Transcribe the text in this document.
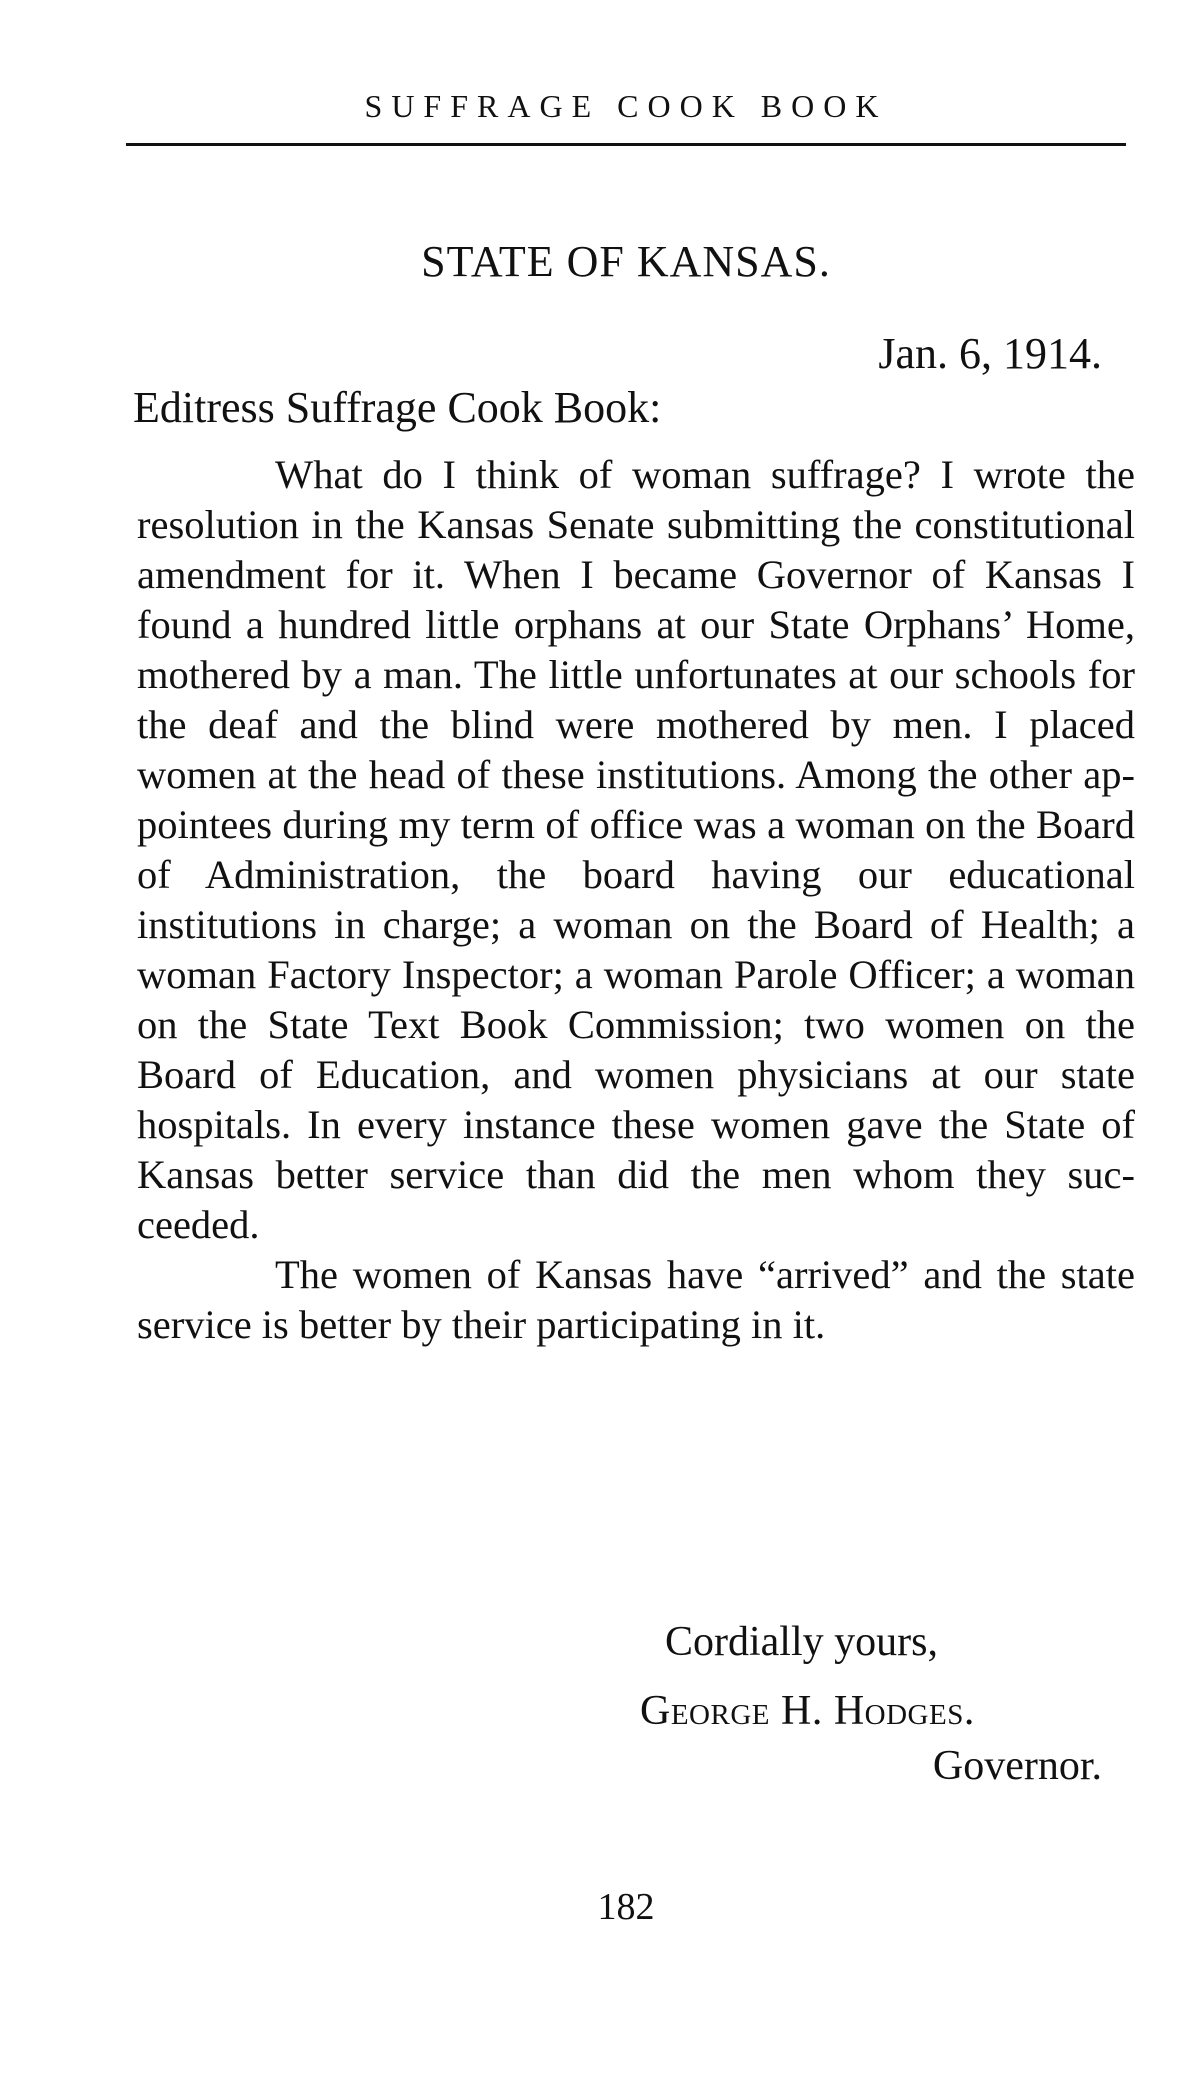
SUFFRAGE COOK BOOK
STATE OF KANSAS.
Jan. 6, 1914.
Editress Suffrage Cook Book:

What do I think of woman suffrage? I wrote the resolution in the Kansas Senate submitting the constitutional amendment for it. When I became Governor of Kansas I found a hundred little orphans at our State Orphans’ Home, mothered by a man. The little unfortunates at our schools for the deaf and the blind were mothered by men. I placed women at the head of these institutions. Among the other appointees during my term of office was a woman on the Board of Administration, the board having our educational institutions in charge; a woman on the Board of Health; a woman Factory Inspector; a woman Parole Officer; a woman on the State Text Book Commission; two women on the Board of Education, and women physicians at our state hospitals. In every instance these women gave the State of Kansas better service than did the men whom they succeeded.

The women of Kansas have “arrived” and the state service is better by their participating in it.

Cordially yours,
George H. Hodges.
Governor.
182
